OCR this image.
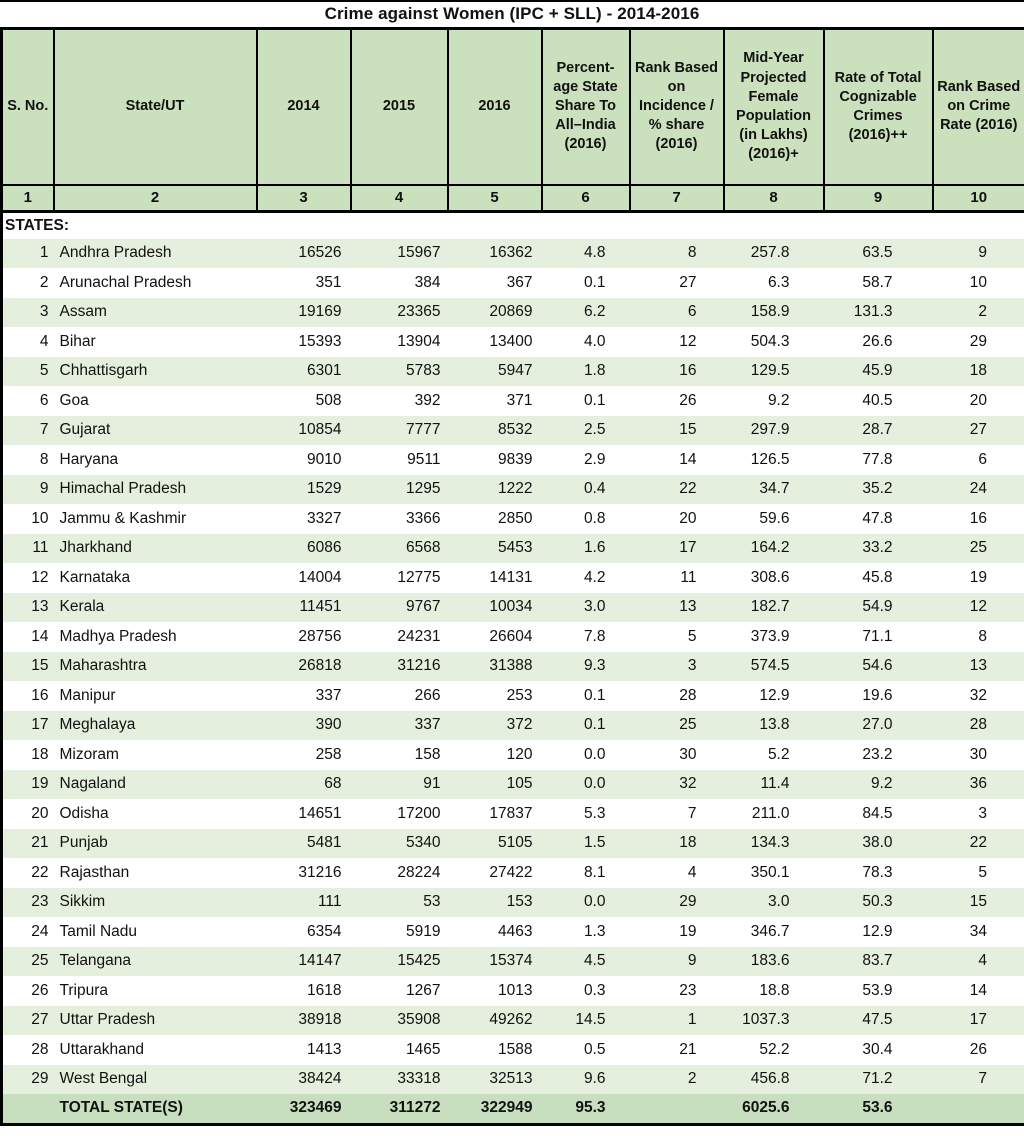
Crime against Women (IPC + SLL) - 2014-2016
S. No.	State/UT	2014	2015	2016	Percent-age State Share To All–India (2016)	Rank Based on Incidence / % share (2016)	Mid-Year Projected Female Population (in Lakhs) (2016)+	Rate of Total Cognizable Crimes (2016)++	Rank Based on Crime Rate (2016)
1	2	3	4	5	6	7	8	9	10
STATES:									
1	Andhra Pradesh	16526	15967	16362	4.8	8	257.8	63.5	9
2	Arunachal Pradesh	351	384	367	0.1	27	6.3	58.7	10
3	Assam	19169	23365	20869	6.2	6	158.9	131.3	2
4	Bihar	15393	13904	13400	4.0	12	504.3	26.6	29
5	Chhattisgarh	6301	5783	5947	1.8	16	129.5	45.9	18
6	Goa	508	392	371	0.1	26	9.2	40.5	20
7	Gujarat	10854	7777	8532	2.5	15	297.9	28.7	27
8	Haryana	9010	9511	9839	2.9	14	126.5	77.8	6
9	Himachal Pradesh	1529	1295	1222	0.4	22	34.7	35.2	24
10	Jammu & Kashmir	3327	3366	2850	0.8	20	59.6	47.8	16
11	Jharkhand	6086	6568	5453	1.6	17	164.2	33.2	25
12	Karnataka	14004	12775	14131	4.2	11	308.6	45.8	19
13	Kerala	11451	9767	10034	3.0	13	182.7	54.9	12
14	Madhya Pradesh	28756	24231	26604	7.8	5	373.9	71.1	8
15	Maharashtra	26818	31216	31388	9.3	3	574.5	54.6	13
16	Manipur	337	266	253	0.1	28	12.9	19.6	32
17	Meghalaya	390	337	372	0.1	25	13.8	27.0	28
18	Mizoram	258	158	120	0.0	30	5.2	23.2	30
19	Nagaland	68	91	105	0.0	32	11.4	9.2	36
20	Odisha	14651	17200	17837	5.3	7	211.0	84.5	3
21	Punjab	5481	5340	5105	1.5	18	134.3	38.0	22
22	Rajasthan	31216	28224	27422	8.1	4	350.1	78.3	5
23	Sikkim	111	53	153	0.0	29	3.0	50.3	15
24	Tamil Nadu	6354	5919	4463	1.3	19	346.7	12.9	34
25	Telangana	14147	15425	15374	4.5	9	183.6	83.7	4
26	Tripura	1618	1267	1013	0.3	23	18.8	53.9	14
27	Uttar Pradesh	38918	35908	49262	14.5	1	1037.3	47.5	17
28	Uttarakhand	1413	1465	1588	0.5	21	52.2	30.4	26
29	West Bengal	38424	33318	32513	9.6	2	456.8	71.2	7
	TOTAL STATE(S)	323469	311272	322949	95.3		6025.6	53.6	
